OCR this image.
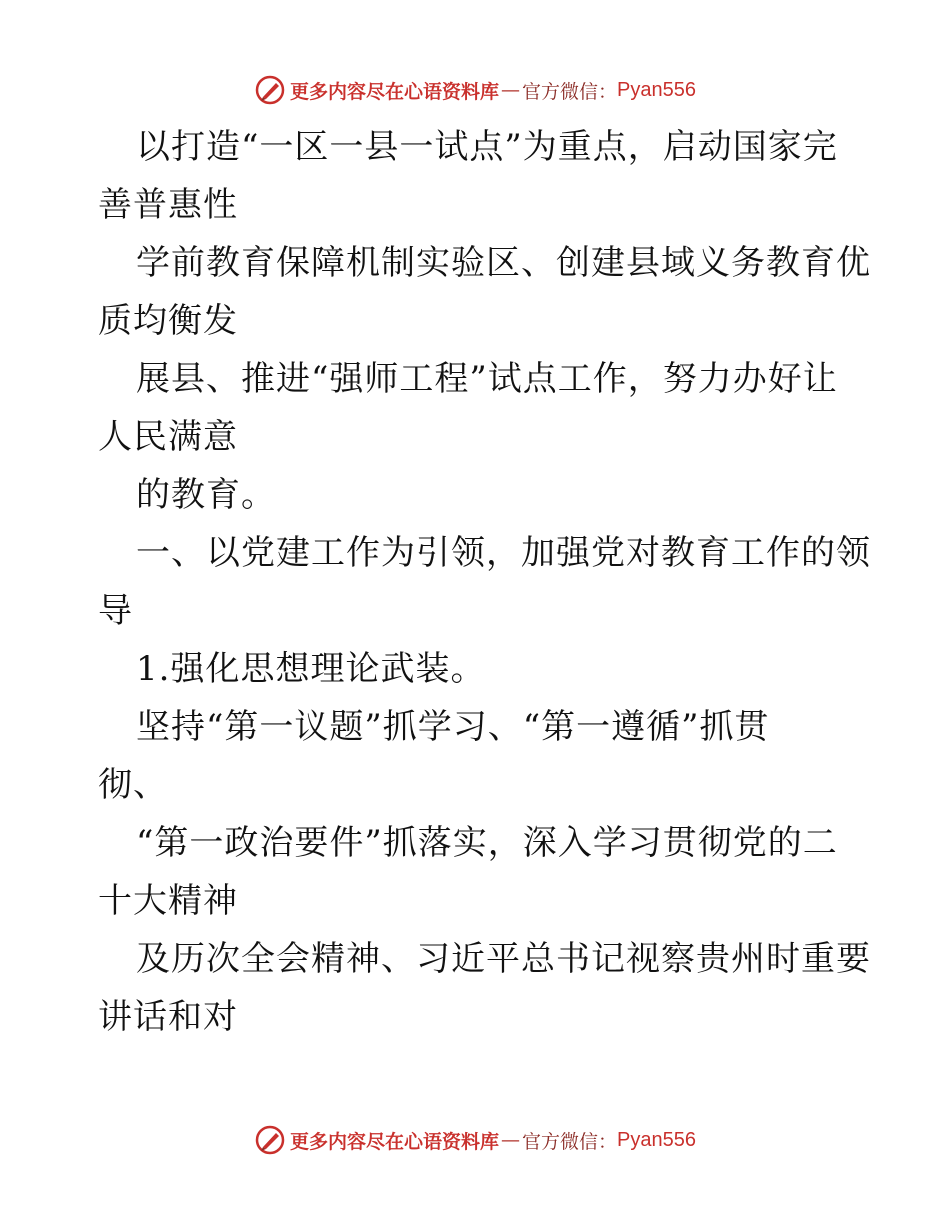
更多内容尽在心语资料库 — 官方微信： Pyan556
以打造“一区一县一试点”为重点，启动国家完
善普惠性
学前教育保障机制实验区、创建县域义务教育优
质均衡发
展县、推进“强师工程”试点工作，努力办好让
人民满意
的教育。
一、以党建工作为引领，加强党对教育工作的领
导
1.强化思想理论武装。
坚持“第一议题”抓学习、“第一遵循”抓贯
彻、
“第一政治要件”抓落实，深入学习贯彻党的二
十大精神
及历次全会精神、习近平总书记视察贵州时重要
讲话和对
更多内容尽在心语资料库 — 官方微信： Pyan556
